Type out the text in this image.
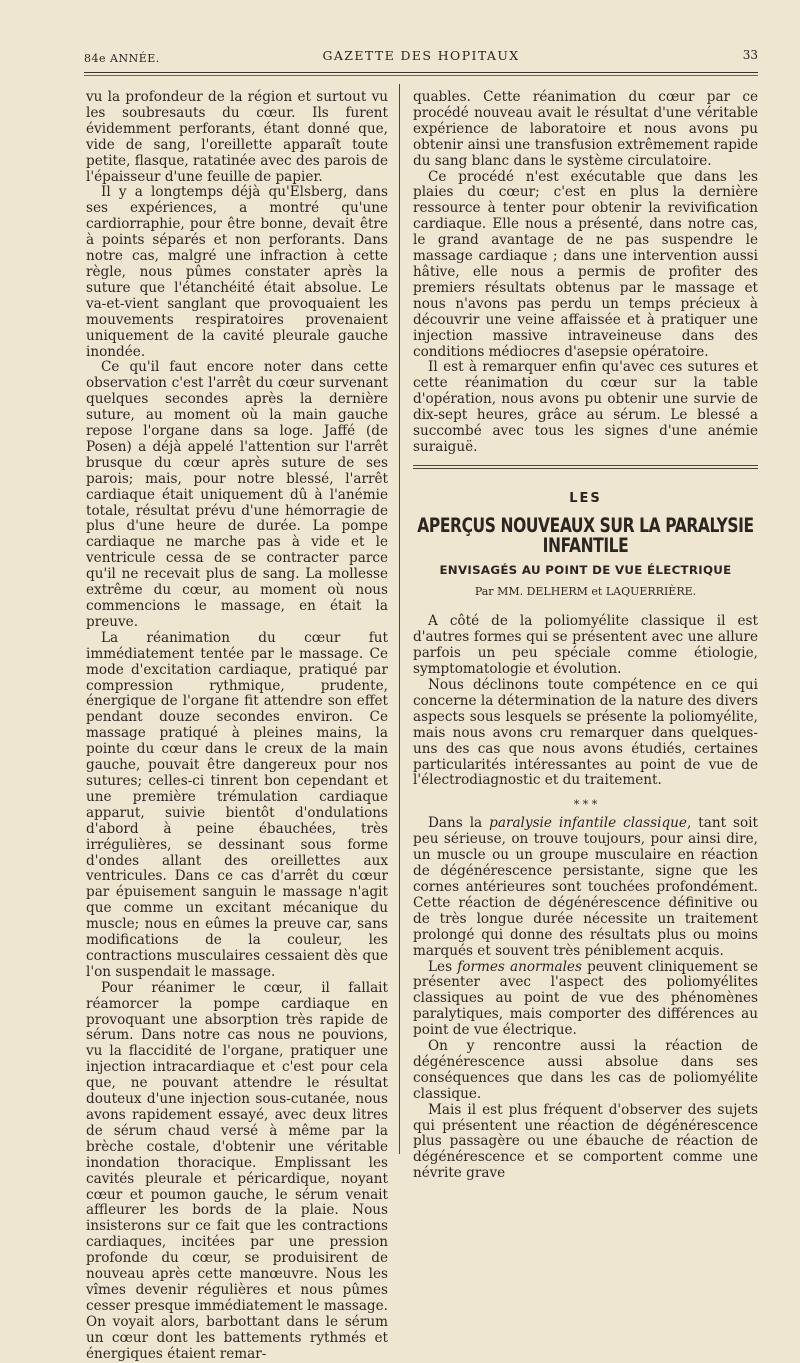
84e ANNÉE.	GAZETTE DES HOPITAUX	33

vu la profondeur de la région et surtout vu les soubresauts du cœur. Ils furent évidemment perforants, étant donné que, vide de sang, l'oreillette apparaît toute petite, flasque, ratatinée avec des parois de l'épaisseur d'une feuille de papier.

Il y a longtemps déjà qu'Elsberg, dans ses expériences, a montré qu'une cardiorraphie, pour être bonne, devait être à points séparés et non perforants. Dans notre cas, malgré une infraction à cette règle, nous pûmes constater après la suture que l'étanchéité était absolue. Le va-et-vient sanglant que provoquaient les mouvements respiratoires provenaient uniquement de la cavité pleurale gauche inondée.

Ce qu'il faut encore noter dans cette observation c'est l'arrêt du cœur survenant quelques secondes après la dernière suture, au moment où la main gauche repose l'organe dans sa loge. Jaffé (de Posen) a déjà appelé l'attention sur l'arrêt brusque du cœur après suture de ses parois; mais, pour notre blessé, l'arrêt cardiaque était uniquement dû à l'anémie totale, résultat prévu d'une hémorragie de plus d'une heure de durée. La pompe cardiaque ne marche pas à vide et le ventricule cessa de se contracter parce qu'il ne recevait plus de sang. La mollesse extrême du cœur, au moment où nous commencions le massage, en était la preuve.

La réanimation du cœur fut immédiatement tentée par le massage. Ce mode d'excitation cardiaque, pratiqué par compression rythmique, prudente, énergique de l'organe fit attendre son effet pendant douze secondes environ. Ce massage pratiqué à pleines mains, la pointe du cœur dans le creux de la main gauche, pouvait être dangereux pour nos sutures; celles-ci tinrent bon cependant et une première trémulation cardiaque apparut, suivie bientôt d'ondulations d'abord à peine ébauchées, très irrégulières, se dessinant sous forme d'ondes allant des oreillettes aux ventricules. Dans ce cas d'arrêt du cœur par épuisement sanguin le massage n'agit que comme un excitant mécanique du muscle; nous en eûmes la preuve car, sans modifications de la couleur, les contractions musculaires cessaient dès que l'on suspendait le massage.

Pour réanimer le cœur, il fallait réamorcer la pompe cardiaque en provoquant une absorption très rapide de sérum. Dans notre cas nous ne pouvions, vu la flaccidité de l'organe, pratiquer une injection intracardiaque et c'est pour cela que, ne pouvant attendre le résultat douteux d'une injection sous-cutanée, nous avons rapidement essayé, avec deux litres de sérum chaud versé à même par la brèche costale, d'obtenir une véritable inondation thoracique. Emplissant les cavités pleurale et péricardique, noyant cœur et poumon gauche, le sérum venait affleurer les bords de la plaie. Nous insisterons sur ce fait que les contractions cardiaques, incitées par une pression profonde du cœur, se produisirent de nouveau après cette manœuvre. Nous les vîmes devenir régulières et nous pûmes cesser presque immédiatement le massage. On voyait alors, barbottant dans le sérum un cœur dont les battements rythmés et énergiques étaient remar-

quables. Cette réanimation du cœur par ce procédé nouveau avait le résultat d'une véritable expérience de laboratoire et nous avons pu obtenir ainsi une transfusion extrêmement rapide du sang blanc dans le système circulatoire.

Ce procédé n'est exécutable que dans les plaies du cœur; c'est en plus la dernière ressource à tenter pour obtenir la revivification cardiaque. Elle nous a présenté, dans notre cas, le grand avantage de ne pas suspendre le massage cardiaque ; dans une intervention aussi hâtive, elle nous a permis de profiter des premiers résultats obtenus par le massage et nous n'avons pas perdu un temps précieux à découvrir une veine affaissée et à pratiquer une injection massive intraveineuse dans des conditions médiocres d'asepsie opératoire.

Il est à remarquer enfin qu'avec ces sutures et cette réanimation du cœur sur la table d'opération, nous avons pu obtenir une survie de dix-sept heures, grâce au sérum. Le blessé a succombé avec tous les signes d'une anémie suraiguë.

LES
APERÇUS NOUVEAUX SUR LA PARALYSIE INFANTILE
ENVISAGÉS AU POINT DE VUE ÉLECTRIQUE
Par MM. DELHERM et LAQUERRIÈRE.

A côté de la poliomyélite classique il est d'autres formes qui se présentent avec une allure parfois un peu spéciale comme étiologie, symptomatologie et évolution.

Nous déclinons toute compétence en ce qui concerne la détermination de la nature des divers aspects sous lesquels se présente la poliomyélite, mais nous avons cru remarquer dans quelques-uns des cas que nous avons étudiés, certaines particularités intéressantes au point de vue de l'électrodiagnostic et du traitement.

* * *

Dans la paralysie infantile classique, tant soit peu sérieuse, on trouve toujours, pour ainsi dire, un muscle ou un groupe musculaire en réaction de dégénérescence persistante, signe que les cornes antérieures sont touchées profondément. Cette réaction de dégénérescence définitive ou de très longue durée nécessite un traitement prolongé qui donne des résultats plus ou moins marqués et souvent très péniblement acquis.

Les formes anormales peuvent cliniquement se présenter avec l'aspect des poliomyélites classiques au point de vue des phénomènes paralytiques, mais comporter des différences au point de vue électrique.

On y rencontre aussi la réaction de dégénérescence aussi absolue dans ses conséquences que dans les cas de poliomyélite classique.

Mais il est plus fréquent d'observer des sujets qui présentent une réaction de dégénérescence plus passagère ou une ébauche de réaction de dégénérescence et se comportent comme une névrite grave
